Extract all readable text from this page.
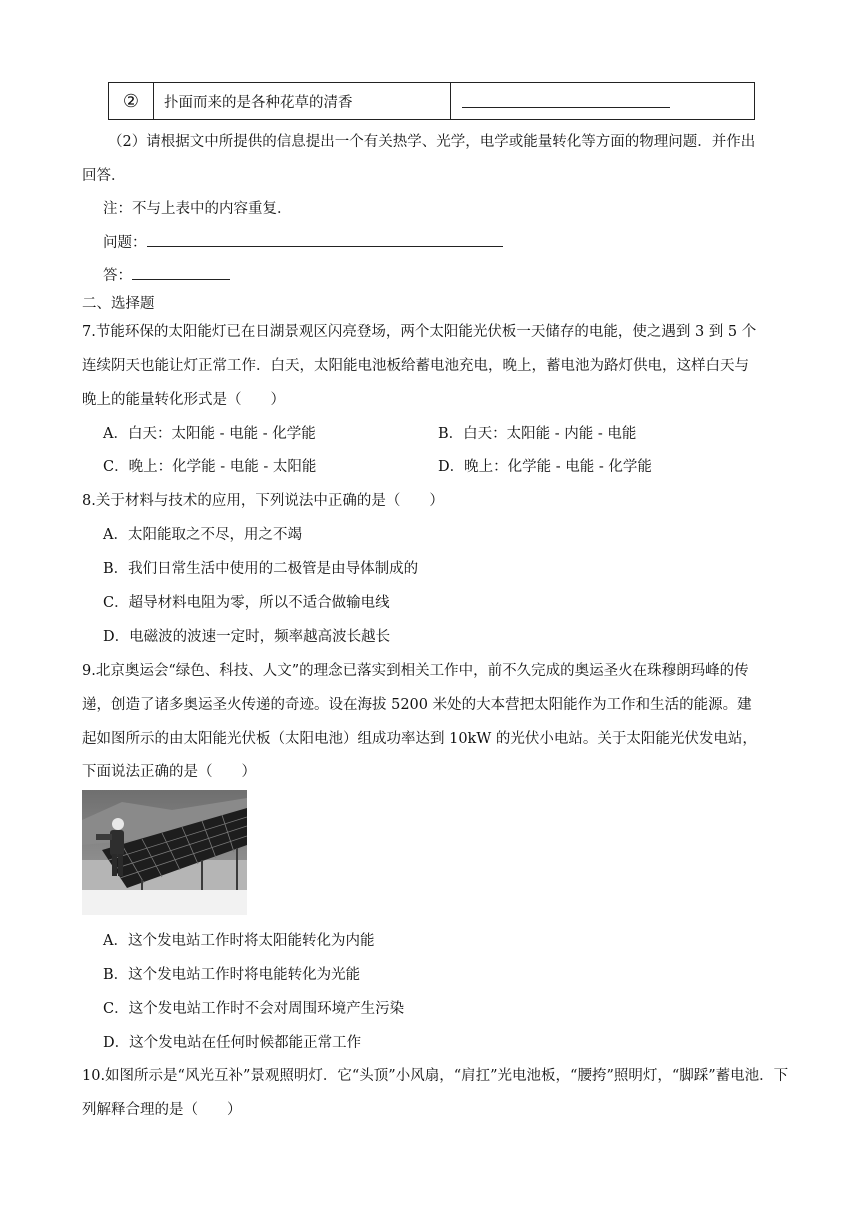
②	扑面而来的是各种花草的清香	
（2）请根据文中所提供的信息提出一个有关热学、光学，电学或能量转化等方面的物理问题．并作出
回答．
注：不与上表中的内容重复．
问题：
答：
二、选择题
7.节能环保的太阳能灯已在日湖景观区闪亮登场，两个太阳能光伏板一天储存的电能，使之遇到 3 到 5 个
连续阴天也能让灯正常工作．白天，太阳能电池板给蓄电池充电，晚上，蓄电池为路灯供电，这样白天与
晚上的能量转化形式是（　　）
A．白天：太阳能 - 电能 - 化学能	B．白天：太阳能 - 内能 - 电能
C．晚上：化学能 - 电能 - 太阳能	D．晚上：化学能 - 电能 - 化学能
8.关于材料与技术的应用，下列说法中正确的是（　　）
A．太阳能取之不尽，用之不竭
B．我们日常生活中使用的二极管是由导体制成的
C．超导材料电阻为零，所以不适合做输电线
D．电磁波的波速一定时，频率越高波长越长
9.北京奥运会“绿色、科技、人文”的理念已落实到相关工作中，前不久完成的奥运圣火在珠穆朗玛峰的传
递，创造了诸多奥运圣火传递的奇迹。设在海拔 5200 米处的大本营把太阳能作为工作和生活的能源。建
起如图所示的由太阳能光伏板（太阳电池）组成功率达到 10kW 的光伏小电站。关于太阳能光伏发电站，
下面说法正确的是（　　）
A．这个发电站工作时将太阳能转化为内能
B．这个发电站工作时将电能转化为光能
C．这个发电站工作时不会对周围环境产生污染
D．这个发电站在任何时候都能正常工作
10.如图所示是“风光互补”景观照明灯．它“头顶”小风扇，“肩扛”光电池板，“腰挎”照明灯，“脚踩”蓄电池．下
列解释合理的是（　　）
